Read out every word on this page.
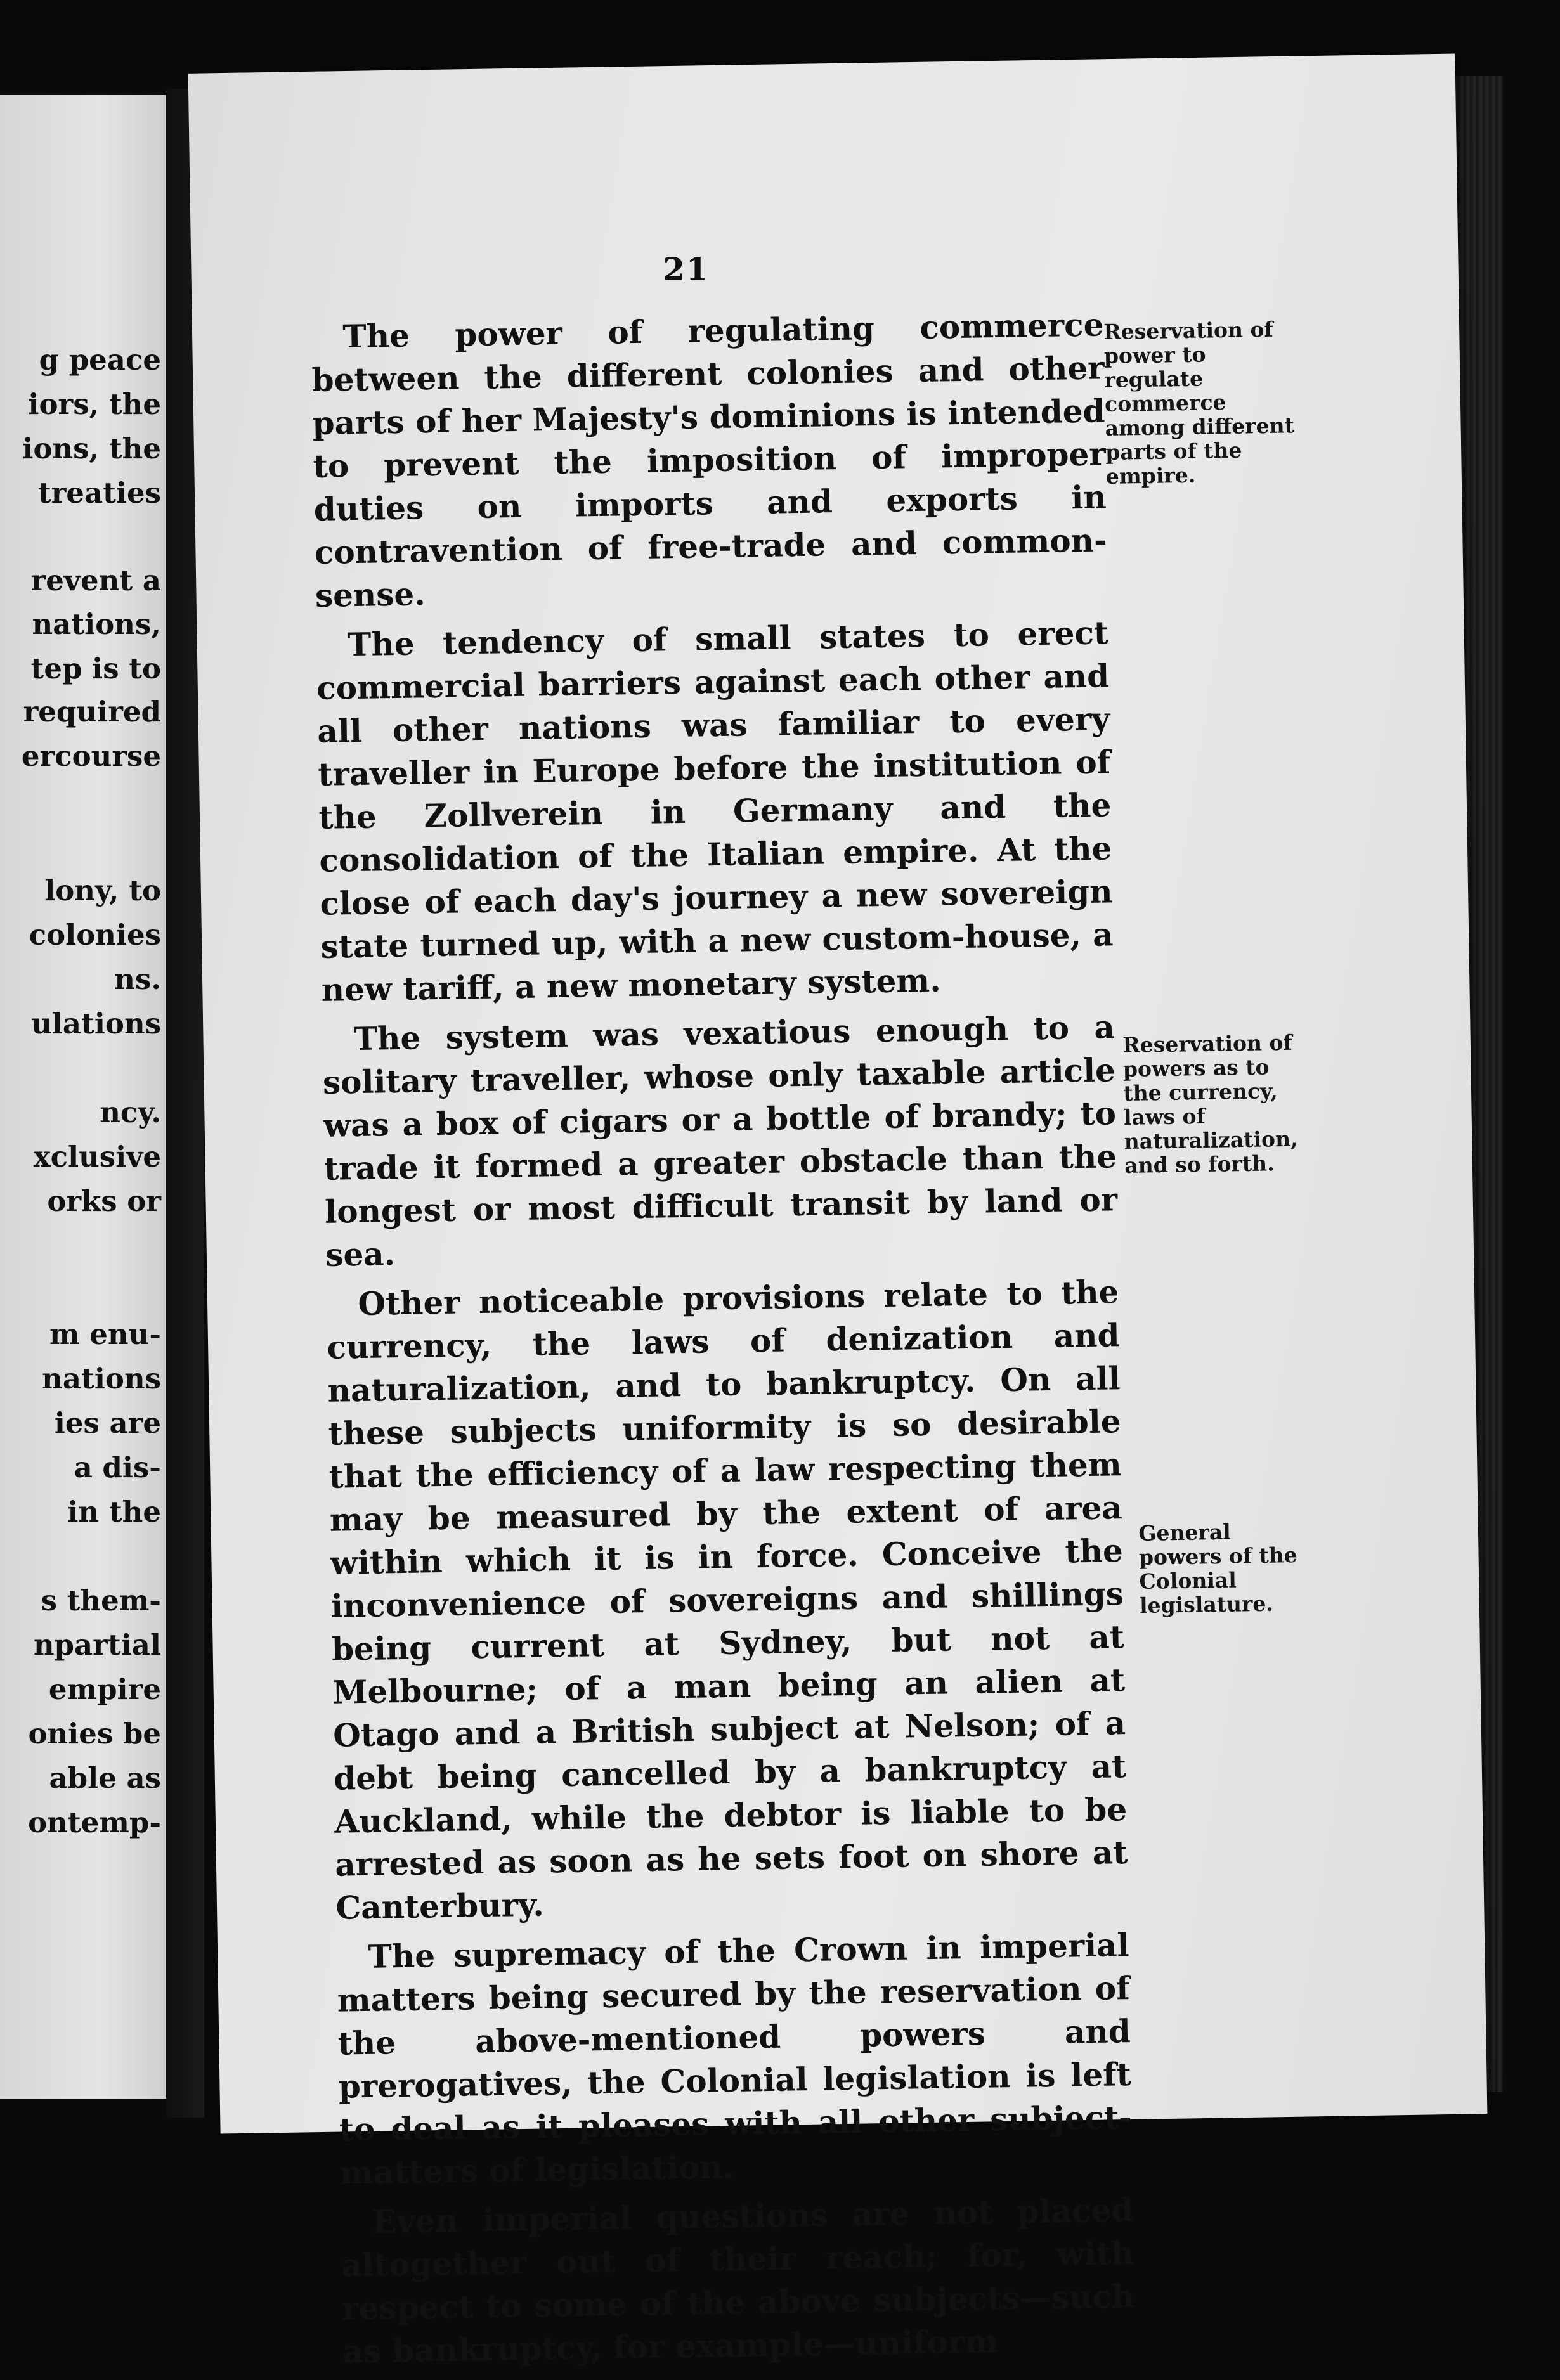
g peace
iors, the
ions, the
treaties
revent a
nations,
tep is to
required
ercourse
lony, to
colonies
ns.
ulations
ncy.
xclusive
orks or
m enu-
nations
ies are
a dis-
in the
s them-
npartial
empire
onies be
able as
ontemp-
21

The power of regulating commerce between the different colonies and other parts of her Majesty's dominions is intended to prevent the imposition of improper duties on imports and exports in contravention of free-trade and common-sense.

The tendency of small states to erect commercial barriers against each other and all other nations was familiar to every traveller in Europe before the institution of the Zollverein in Germany and the consolidation of the Italian empire. At the close of each day's journey a new sovereign state turned up, with a new custom-house, a new tariff, a new monetary system.

The system was vexatious enough to a solitary traveller, whose only taxable article was a box of cigars or a bottle of brandy; to trade it formed a greater obstacle than the longest or most difficult transit by land or sea.

Other noticeable provisions relate to the currency, the laws of denization and naturalization, and to bankruptcy. On all these subjects uniformity is so desirable that the efficiency of a law respecting them may be measured by the extent of area within which it is in force. Conceive the inconvenience of sovereigns and shillings being current at Sydney, but not at Melbourne; of a man being an alien at Otago and a British subject at Nelson; of a debt being cancelled by a bankruptcy at Auckland, while the debtor is liable to be arrested as soon as he sets foot on shore at Canterbury.

The supremacy of the Crown in imperial matters being secured by the reservation of the above-mentioned powers and prerogatives, the Colonial legislation is left to deal as it pleases with all other subject-matters of legislation.

Even imperial questions are not placed altogether out of their reach; for, with respect to some of the above subjects—such as bankruptcy, for example—uniform

Reservation of power to regulate commerce among different parts of the empire.
Reservation of powers as to the currency, laws of naturalization, and so forth.
General powers of the Colonial legislature.
